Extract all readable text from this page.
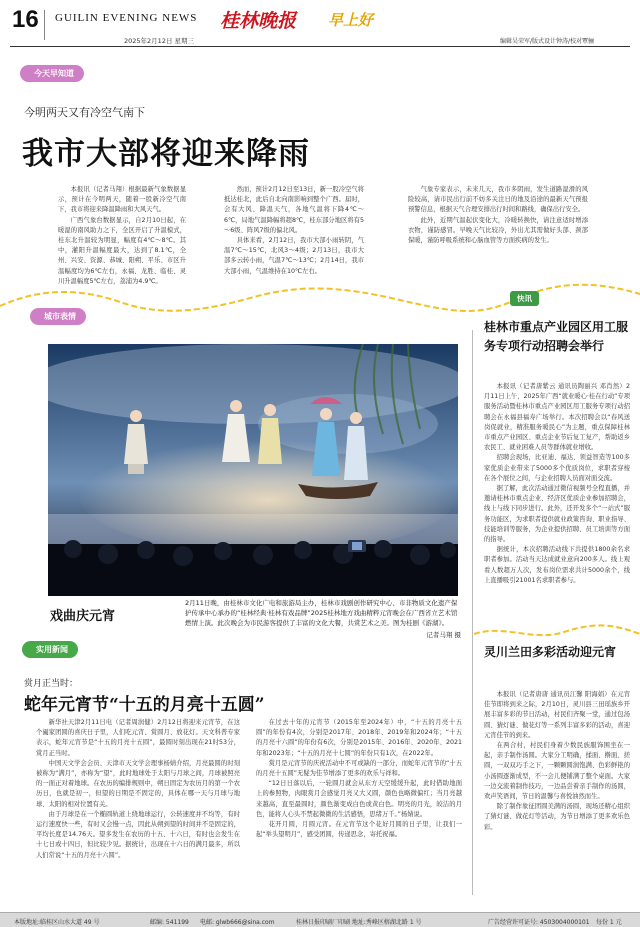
16 GUILIN EVENING NEWS
2025年2月12日 星期三
桂林晚报 早上好
编辑吴荣军/版式设计钟涛/校对覃骊
今天早知道
今明两天又有冷空气南下
我市大部将迎来降雨

本报讯（记者马翔）根据最新气象数据显示，预计在今明两天，随着一股新冷空气南下，我市将迎来降温降雨和大风天气。

广西气象台数据显示，自2月10日起，在暖湿的南风助力之下，全区开启了升温模式，桂东北升温较为明显，幅度有4℃～8℃。其中，灌阳升温幅度最大，达到了8.1℃，全州、兴安、资源、恭城、阳朔、平乐、市区升温幅度均为6℃左右，永福、龙胜、临桂、灵川升温幅度5℃左右，荔浦为4.9℃。

然而，预计2月12日至13日，新一股冷空气将抵达桂北，此后自北向南影响到整个广西。届时，会有大风、降温天气，各地气温将下降4℃～6℃，局地气温降幅将超8℃，桂东部分地区将有5～6级、阵风7级的偏北风。

具体来看，2月12日，我市大部小雨转阴，气温7℃～15℃，北风3～4级；2月13日，我市大部多云转小雨，气温7℃～13℃；2月14日，我市大部小雨，气温维持在10℃左右。

气象专家表示，未来几天，我市多阴雨，发生道路湿滑的风险较高，请市民出行前不妨多关注日的地及沿途的最新天气预报预警信息，根据天气合理安排出行时间和路线，确保出行安全。

此外，近期气温起伏变化大，冷暖转换快，请注意适时增添衣物，谨防感冒。早晚天气比较冷，外出尤其需做好头部、颈部保暖，谨防呼吸系统和心脑血管等方面疾病的发生。

城市表情
戏曲庆元宵
2月11日晚，由桂林市文化广电和旅游局主办，桂林市戏剧创作研究中心、市非物质文化遗产保护传承中心承办的“桂林经典·桂林有戏品牌”2025桂林地方戏曲精粹元宵晚会在广西省立艺术馆燃情上演。此次晚会为市民游客提供了丰富的文化大餐，共赏艺术之美。图为桂剧《游湖》。
记者马翔 摄
实用新闻
赏月正当时：
蛇年元宵节“十五的月亮十五圆”

新华社天津2月11日电（记者周润健）2月12日将迎来元宵节，在这个阖家团圆的喜庆日子里，人们吃元宵、赏圆月、放花灯。天文科普专家表示，蛇年元宵节是“十五的月亮十五圆”，最圆时刻出现在21时53分，赏月正当时。

中国天文学会会员、天津市天文学会理事杨婧介绍，月亮最圆的时刻被称为“满月”，亦称为“望”，此时地球处于太阳与月球之间，月球被照亮的一面正对着地球。在农历的编排规则中，朔日固定为农历月的第一个农历日，也就是初一，但望的日期是不固定的，具体在哪一天与月球与地球、太阳的相对位置有关。

由于月球是在一个椭圆轨道上绕地球运行，公转速度并不均等，有时运行速度快一些，有时又会慢一点，因此从朔到望的时间并不是固定的，平均长度是14.76天。望多发生在农历的十五、十六日，有时也会发生在十七日或十四日，但比较少见。据统计，出现在十六日的满月最多，所以人们常说“十五的月亮十六圆”。

在过去十年的元宵节（2015年至2024年）中，“十五的月亮十五圆”的年份有4次，分别是2017年、2018年、2019年和2024年；“十五的月亮十六圆”的年份有6次，分别是2015年、2016年、2020年、2021年和2023年；“十五的月亮十七圆”的年份只有1次，在2022年。

赏月是元宵节的庆祝活动中不可或缺的一部分，而蛇年元宵节的“十五的月亮十五圆”无疑为佳节增添了更多的欢乐与祥和。

“12日日落以后，一轮圆月就会从东方天空缓缓升起，此时借助地面上的参照物，肉眼赏月会感觉月亮又大又圆，颜色也略微偏红；当月亮越来越高，直至最圆时，颜色渐变成白色或黄白色。明亮的月光，皎洁的月色，能将人心头不禁起微微的生活感悟，思绪万千。”杨婧说。

花开月圆，月圆元宵。在元宵节这个花好月圆的日子里，让我们一起“举头望明月”，感受团圆，传递思念，寄托祝福。

快讯
桂林市重点产业园区用工服务专项行动招聘会举行

本报讯（记者唐紫云 通讯员陶丽兴 邓肖然）2月11日上午，2025年广西“就业暖心·桂在行动”专项服务活动暨桂林市重点产业园区用工服务专项行动招聘会在永福县福寿广场举行。本次招聘会以“春风送岗促就业，精准服务暖民心”为主题，重点保障桂林市重点产业园区、重点企业节后复工复产，帮助返乡农民工、就业困难人员等群体就业增收。

招聘会现场，比亚迪、福达、领益智造等100多家优质企业带来了5000多个优质岗位，求职者穿梭在各个展位之间，与企业招聘人员面对面交流。

据了解，此次活动通过微信视频号全程直播，并邀请桂林市重点企业、经济区优质企业参加招聘会，线上与线下同步进行。此外，还开发多个“一站式”服务功能区，为求职者提供就业政策咨询、职业指导、技能培训等服务，为企业提供招聘、员工培训等方面的指导。

据统计，本次招聘活动线下共提供1800余名求职者参加。活动当天达成就业意向200多人。线上观看人数超万人次，发布岗位需求共计5000余个，线上直播吸引21001名求职者参与。

灵川兰田多彩活动迎元宵

本报讯（记者唐唐 通讯员江馨 阳海娟）在元宵佳节即将到来之际，2月10日，灵川县三田瑶族乡开展丰富多彩的节日活动，村民们齐聚一堂，通过包汤圆、猜灯谜、做花灯等一系列丰富多彩的活动，喜迎元宵佳节的到来。

在两合村，村民们身着少数民族服饰围坐在一起，亲手制作汤圆。大家分工明确，揉面、擀面、搓圆，一双双巧手之下，一颗颗圆润饱满、色彩鲜艳的小汤圆逐渐成型，不一会儿便铺满了整个桌面。大家一边交流着制作技巧，一边品尝着亲手制作的汤圆，欢声笑语间，节日的温馨与喜悦油然而生。

除了制作象征团圆美满的汤圆，现场还精心组织了猜灯谜、做花灯等活动，为节日增添了更多欢乐色彩。

本版地址:临桂区山水大道 49 号	邮编: 541199 电邮: glwb666@sina.com	桂林日报印刷厂印刷 地址:秀峰区榕湖北路 1 号	广告经营许可证号: 4503004000101 每份 1 元
